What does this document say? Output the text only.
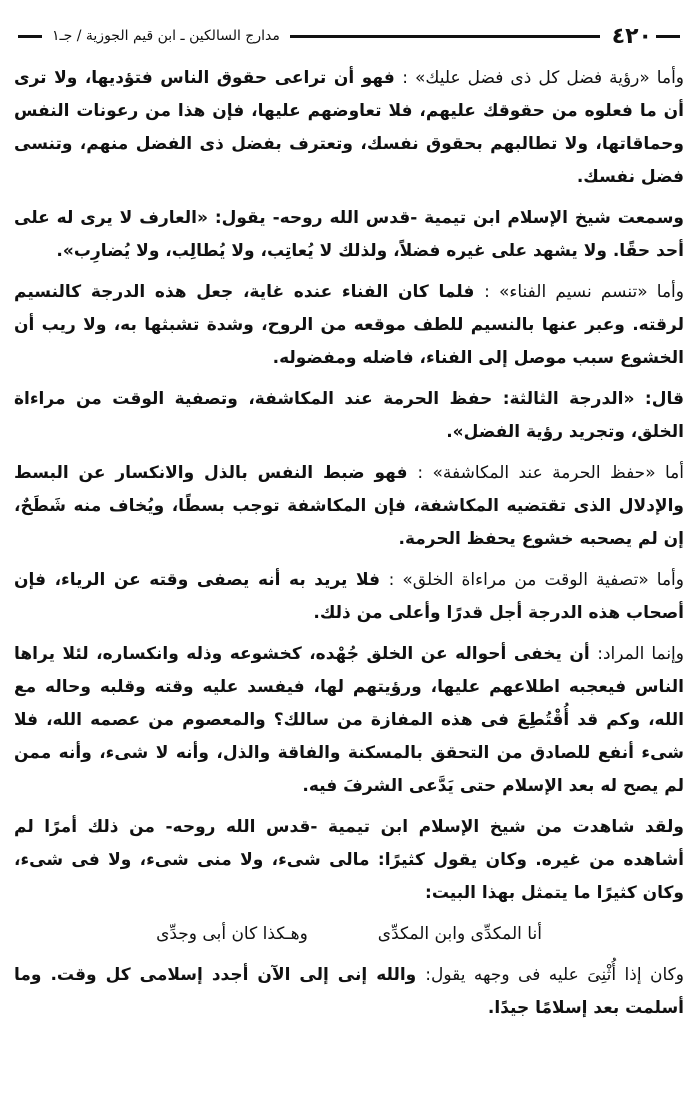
٤٢٠
مدارج السالكين ـ ابن قيم الجوزية / جـ١

وأما «رؤية فضل كل ذى فضل عليك» : فهو أن تراعى حقوق الناس فتؤديها، ولا ترى أن ما فعلوه من حقوقك عليهم، فلا تعاوضهم عليها، فإن هذا من رعونات النفس وحماقاتها، ولا تطالبهم بحقوق نفسك، وتعترف بفضل ذى الفضل منهم، وتنسى فضل نفسك.

وسمعت شيخ الإسلام ابن تيمية -قدس الله روحه- يقول: «العارف لا يرى له على أحد حقًا. ولا يشهد على غيره فضلاً، ولذلك لا يُعاتِب، ولا يُطالِب، ولا يُضارِب».

وأما «تنسم نسيم الفناء» : فلما كان الفناء عنده غاية، جعل هذه الدرجة كالنسيم لرقته. وعبر عنها بالنسيم للطف موقعه من الروح، وشدة تشبثها به، ولا ريب أن الخشوع سبب موصل إلى الفناء، فاضله ومفضوله.

قال: «الدرجة الثالثة: حفظ الحرمة عند المكاشفة، وتصفية الوقت من مراءاة الخلق، وتجريد رؤية الفضل».

أما «حفظ الحرمة عند المكاشفة» : فهو ضبط النفس بالذل والانكسار عن البسط والإدلال الذى تقتضيه المكاشفة، فإن المكاشفة توجب بسطًا، ويُخاف منه شَطَحٌ، إن لم يصحبه خشوع يحفظ الحرمة.

وأما «تصفية الوقت من مراءاة الخلق» : فلا يريد به أنه يصفى وقته عن الرياء، فإن أصحاب هذه الدرجة أجل قدرًا وأعلى من ذلك.

وإنما المراد: أن يخفى أحواله عن الخلق جُهْده، كخشوعه وذله وانكساره، لئلا يراها الناس فيعجبه اطلاعهم عليها، ورؤيتهم لها، فيفسد عليه وقته وقلبه وحاله مع الله، وكم قد أُقْتُطِعَ فى هذه المفازة من سالك؟ والمعصوم من عصمه الله، فلا شىء أنفع للصادق من التحقق بالمسكنة والفاقة والذل، وأنه لا شىء، وأنه ممن لم يصح له بعد الإسلام حتى يَدَّعى الشرفَ فيه.

ولقد شاهدت من شيخ الإسلام ابن تيمية -قدس الله روحه- من ذلك أمرًا لم أشاهده من غيره. وكان يقول كثيرًا: مالى شىء، ولا منى شىء، ولا فى شىء، وكان كثيرًا ما يتمثل بهذا البيت:

أنا المكدِّى وابن المكدِّى
وهـكذا كان أبى وجدِّى

وكان إذا أُثْنِىَ عليه فى وجهه يقول: والله إنى إلى الآن أجدد إسلامى كل وقت. وما أسلمت بعد إسلامًا جيدًا.
